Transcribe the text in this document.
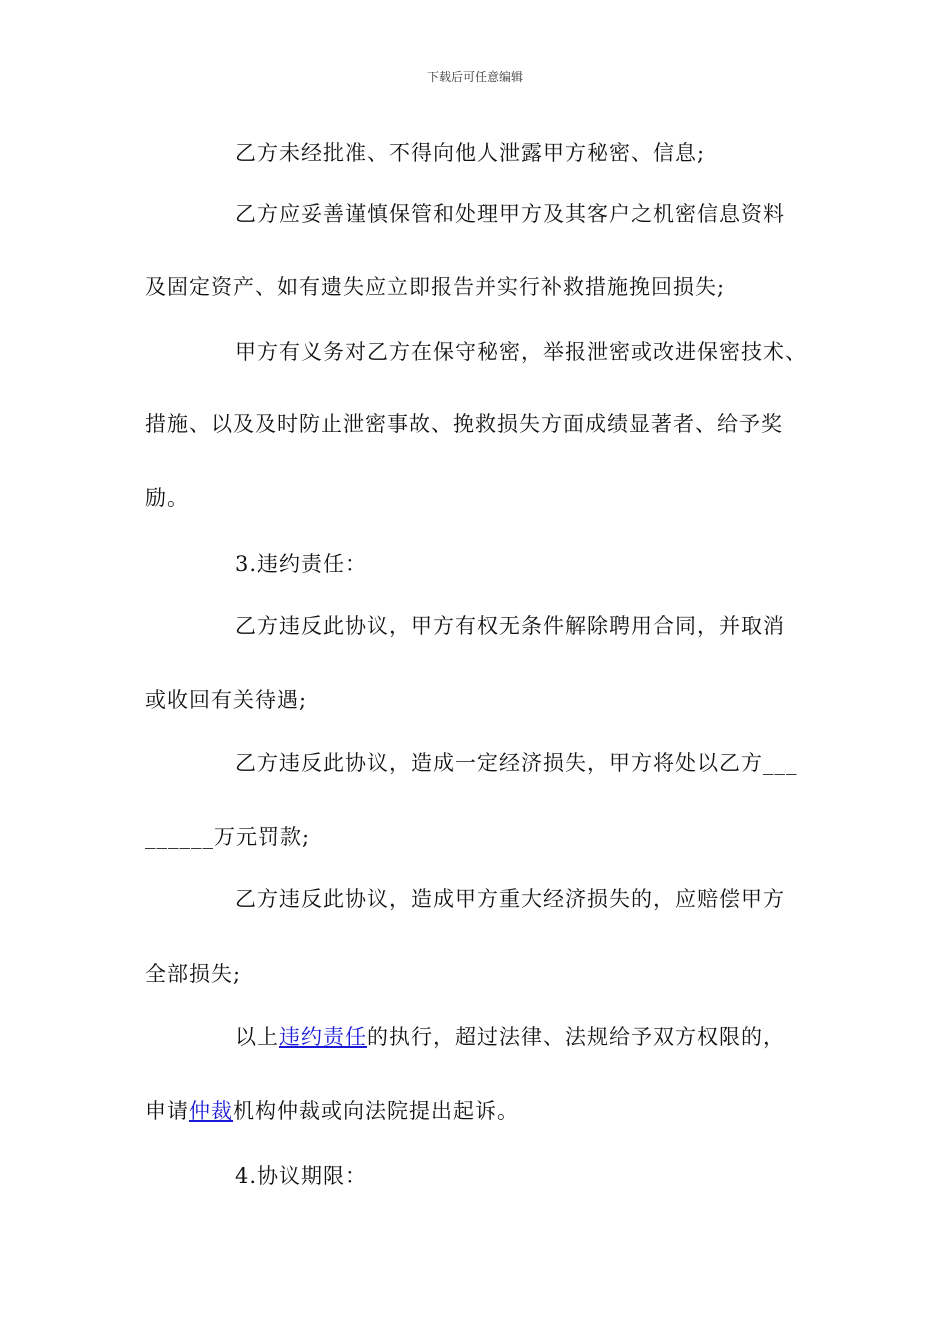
下载后可任意编辑
乙方未经批准、不得向他人泄露甲方秘密、信息;
乙方应妥善谨慎保管和处理甲方及其客户之机密信息资料
及固定资产、如有遗失应立即报告并实行补救措施挽回损失;
甲方有义务对乙方在保守秘密，举报泄密或改进保密技术、
措施、以及及时防止泄密事故、挽救损失方面成绩显著者、给予奖
励。
3.违约责任：
乙方违反此协议，甲方有权无条件解除聘用合同，并取消
或收回有关待遇;
乙方违反此协议，造成一定经济损失，甲方将处以乙方___
______万元罚款;
乙方违反此协议，造成甲方重大经济损失的，应赔偿甲方
全部损失;
以上违约责任的执行，超过法律、法规给予双方权限的，
申请仲裁机构仲裁或向法院提出起诉。
4.协议期限：
